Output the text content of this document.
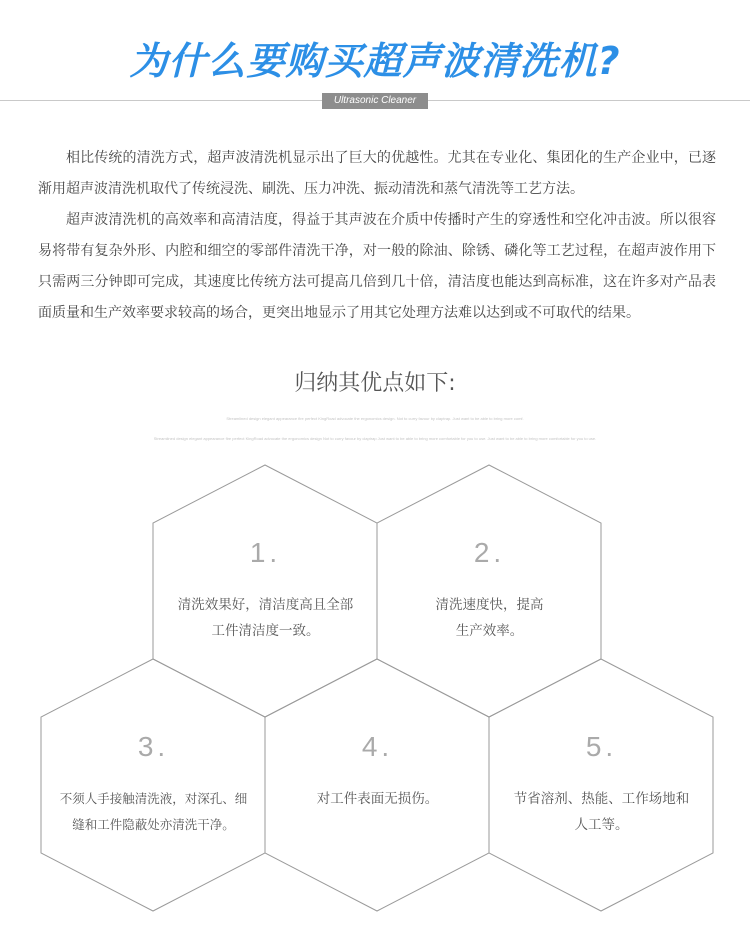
为什么要购买超声波清洗机?
Ultrasonic Cleaner

相比传统的清洗方式，超声波清洗机显示出了巨大的优越性。尤其在专业化、集团化的生产企业中，已逐渐用超声波清洗机取代了传统浸洗、刷洗、压力冲洗、振动清洗和蒸气清洗等工艺方法。

超声波清洗机的高效率和高清洁度，得益于其声波在介质中传播时产生的穿透性和空化冲击波。所以很容易将带有复杂外形、内腔和细空的零部件清洗干净，对一般的除油、除锈、磷化等工艺过程，在超声波作用下只需两三分钟即可完成，其速度比传统方法可提高几倍到几十倍，清洁度也能达到高标准，这在许多对产品表面质量和生产效率要求较高的场合，更突出地显示了用其它处理方法难以达到或不可取代的结果。

归纳其优点如下:
Streamlined design elegant appearance fire perfect KingRoad advocate the ergonomics design. Not to curry favour by claptrap. Just want to be able to bring more comf.
Streamlined design elegant appearance fire perfect KingRoad advocate the ergonomics design Not to curry favour by claptrap Just want to be able to bring more comfortable for you to use. Just want to be able to bring more comfortable for you to use.
1.
清洗效果好，清洁度高且全部工件清洁度一致。
2.
清洗速度快，提高生产效率。
3.
不须人手接触清洗液，对深孔、细缝和工件隐蔽处亦清洗干净。
4.
对工件表面无损伤。
5.
节省溶剂、热能、工作场地和人工等。
